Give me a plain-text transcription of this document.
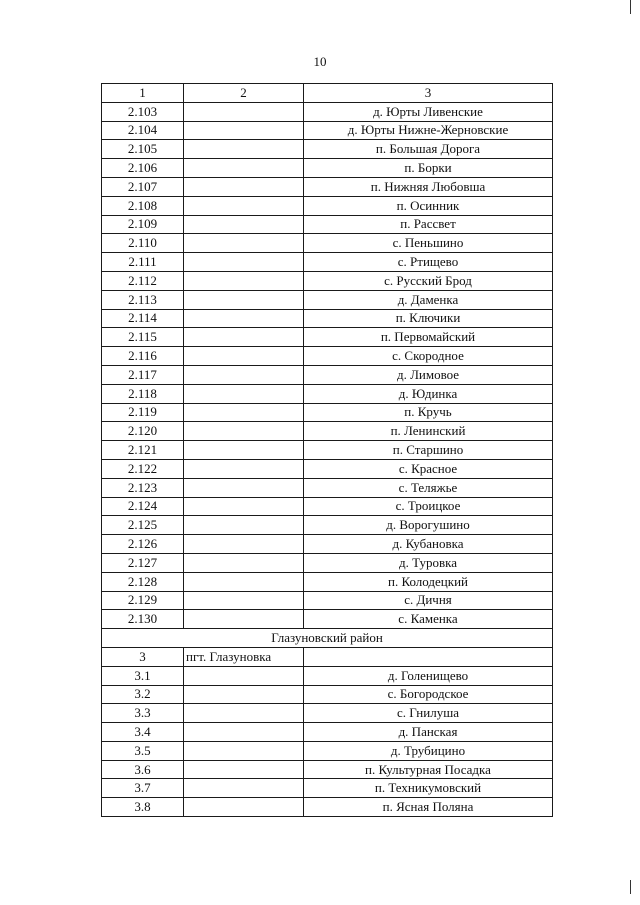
10
1	2	3
2.103		д. Юрты Ливенские
2.104		д. Юрты Нижне-Жерновские
2.105		п. Большая Дорога
2.106		п. Борки
2.107		п. Нижняя Любовша
2.108		п. Осинник
2.109		п. Рассвет
2.110		с. Пеньшино
2.111		с. Ртищево
2.112		с. Русский Брод
2.113		д. Даменка
2.114		п. Ключики
2.115		п. Первомайский
2.116		с. Скородное
2.117		д. Лимовое
2.118		д. Юдинка
2.119		п. Кручь
2.120		п. Ленинский
2.121		п. Старшино
2.122		с. Красное
2.123		с. Теляжье
2.124		с. Троицкое
2.125		д. Ворогушино
2.126		д. Кубановка
2.127		д. Туровка
2.128		п. Колодецкий
2.129		с. Дичня
2.130		с. Каменка
Глазуновский район		
3	пгт. Глазуновка	
3.1		д. Голенищево
3.2		с. Богородское
3.3		с. Гнилуша
3.4		д. Панская
3.5		д. Трубицино
3.6		п. Культурная Посадка
3.7		п. Техникумовский
3.8		п. Ясная Поляна
